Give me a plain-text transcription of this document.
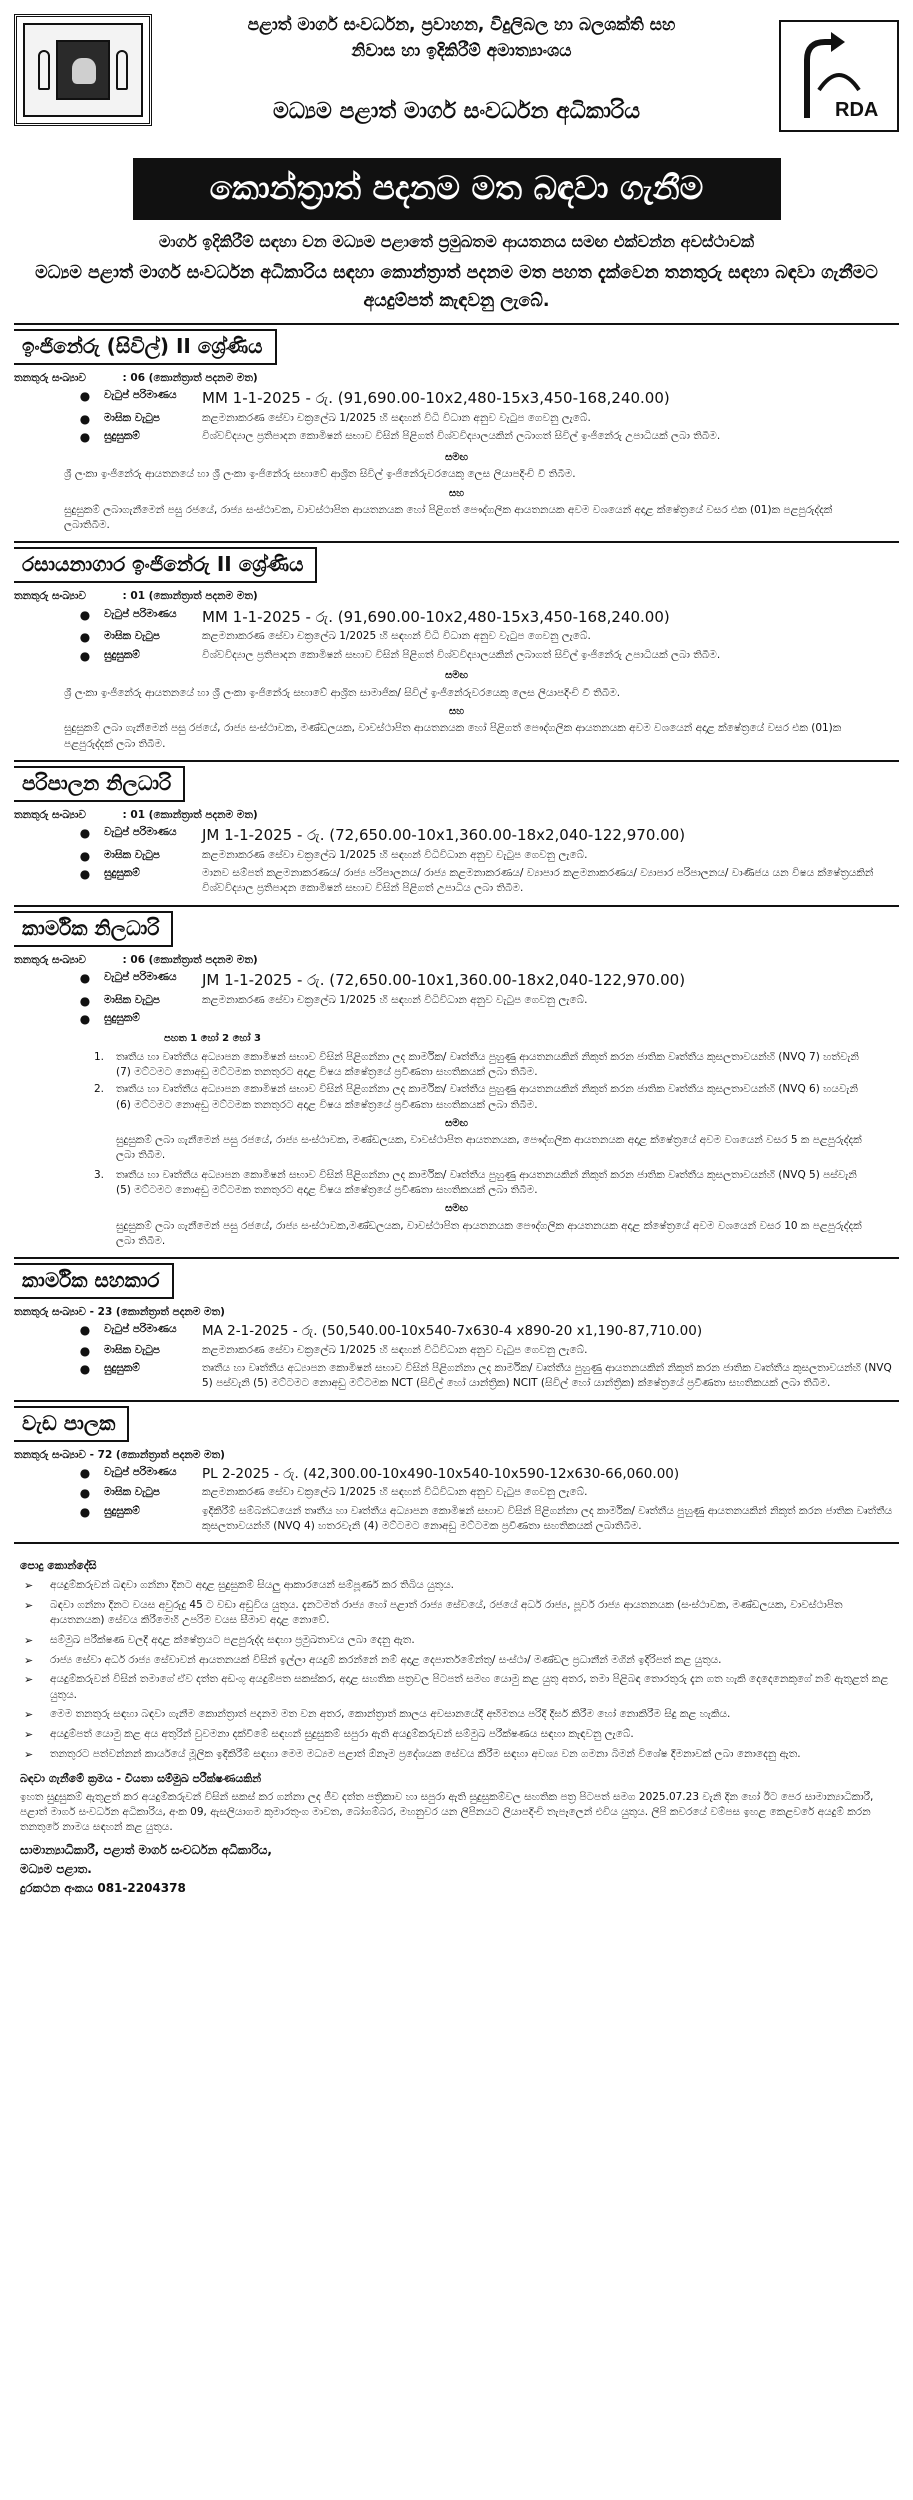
පළාත් මාර්ග සංවර්ධන, ප්‍රවාහන, විදුලිබල හා බලශක්ති සහ
නිවාස හා ඉදිකිරීම් අමාත්‍යාංශය
RDA
මධ්‍යම පළාත් මාර්ග සංවර්ධන අධිකාරිය
කොන්ත්‍රාත් පදනම මත බඳවා ගැනීම
මාර්ග ඉදිකිරීම් සඳහා වන මධ්‍යම පළාතේ ප්‍රමුඛතම ආයතනය සමඟ එක්වන්න අවස්ථාවක්
මධ්‍යම පළාත් මාර්ග සංවර්ධන අධිකාරිය සඳහා කොන්ත්‍රාත් පදනම මත පහත දැක්වෙන තනතුරු සඳහා බඳවා ගැනීමට අයදුම්පත් කැඳවනු ලැබේ.
ඉංජිනේරු (සිවිල්) II ශ්‍රේණිය
තනතුරු සංඛ්‍යාව	: 06 (කොන්ත්‍රාත් පදනම මත)
●	වැටුප් පරිමාණය	MM 1-1-2025 - රු. (91,690.00-10x2,480-15x3,450-168,240.00)
●	මාසික වැටුප	කළමනාකරණ සේවා චක්‍රලේඛ 1/2025 හි සඳහන් විධි විධාන අනුව වැටුප ගෙවනු ලැබේ.
●	සුදුසුකම්	විශ්වවිද්‍යාල ප්‍රතිපාදන කොමිෂන් සභාව විසින් පිළිගත් විශ්වවිද්‍යාලයකින් ලබාගත් සිවිල් ඉංජිනේරු උපාධියක් ලබා තිබීම.
සමඟ
ශ්‍රී ලංකා ඉංජිනේරු ආයතනයේ හා ශ්‍රී ලංකා ඉංජිනේරු සභාවේ ආශ්‍රිත සිවිල් ඉංජිනේරුවරයෙකු ලෙස ලියාපදිංචි වී තිබීම.
සහ
සුදුසුකම් ලබාගැනීමෙන් පසු රජයේ, රාජ්‍ය සංස්ථාවක, වාවස්ථාපිත ආයතනයක හෝ පිළිගත් පෞද්ගලික ආයතනයක අවම වශයෙන් අදාළ ක්ෂේත්‍රයේ වසර එක (01)ක පළපුරුද්දක් ලබාතිබීම.
රසායනාගාර ඉංජිනේරු II ශ්‍රේණිය
තනතුරු සංඛ්‍යාව	: 01 (කොන්ත්‍රාත් පදනම මත)
●	වැටුප් පරිමාණය	MM 1-1-2025 - රු. (91,690.00-10x2,480-15x3,450-168,240.00)
●	මාසික වැටුප	කළමනාකරණ සේවා චක්‍රලේඛ 1/2025 හි සඳහන් විධි විධාන අනුව වැටුප ගෙවනු ලැබේ.
●	සුදුසුකම්	විශ්වවිද්‍යාල ප්‍රතිපාදන කොමිෂන් සභාව විසින් පිළිගත් විශ්වවිද්‍යාලයකින් ලබාගත් සිවිල් ඉංජිනේරු උපාධියක් ලබා තිබීම.
සමඟ
ශ්‍රී ලංකා ඉංජිනේරු ආයතනයේ හා ශ්‍රී ලංකා ඉංජිනේරු සභාවේ ආශ්‍රිත සාමාජික/ සිවිල් ඉංජිනේරුවරයෙකු ලෙස ලියාපදිංචි වී තිබීම.
සහ
සුදුසුකම් ලබා ගැනීමෙන් පසු රජයේ, රාජ්‍ය සංස්ථාවක, මණ්ඩලයක, වාවස්ථාපිත ආයතනයක හෝ පිළිගත් පෞද්ගලික ආයතනයක අවම වශයෙන් අදාළ ක්ෂේත්‍රයේ වසර එක (01)ක පළපුරුද්දක් ලබා තිබීම.
පරිපාලන නිලධාරි
තනතුරු සංඛ්‍යාව	: 01 (කොන්ත්‍රාත් පදනම මත)
●	වැටුප් පරිමාණය	JM 1-1-2025 - රු. (72,650.00-10x1,360.00-18x2,040-122,970.00)
●	මාසික වැටුප	කළමනාකරණ සේවා චක්‍රලේඛ 1/2025 හි සඳහන් විධිවිධාන අනුව වැටුප ගෙවනු ලැබේ.
●	සුදුසුකම්	මානව සම්පත් කළමනාකරණය/ රාජ්‍ය පරිපාලනය/ රාජ්‍ය කළමනාකරණය/ ව්‍යාපාර කළමනාකරණය/ ව්‍යාපාර පරිපාලනය/ වාණිජය යන විෂය ක්ෂේත්‍රයකින් විශ්වවිද්‍යාල ප්‍රතිපාදන කොමිෂන් සභාව විසින් පිළිගත් උපාධිය ලබා තිබීම.
කාර්මික නිලධාරි
තනතුරු සංඛ්‍යාව	: 06 (කොන්ත්‍රාත් පදනම මත)
●	වැටුප් පරිමාණය	JM 1-1-2025 - රු. (72,650.00-10x1,360.00-18x2,040-122,970.00)
●	මාසික වැටුප	කළමනාකරණ සේවා චක්‍රලේඛ 1/2025 හි සඳහන් විධිවිධාන අනුව වැටුප ගෙවනු ලැබේ.
●	සුදුසුකම්
පහත 1 හෝ 2 හෝ 3
1.	තෘතීය හා වෘත්තීය අධ්‍යාපන කොමිෂන් සභාව විසින් පිළිගන්නා ලද කාර්මික/ වෘත්තීය පුහුණු ආයතනයකින් නිකුත් කරන ජාතික වෘත්තීය කුසලතාවයන්හි (NVQ 7) හත්වැනි (7) මට්ටමට නොඅඩු මට්ටමක තනතුරට අදාළ විෂය ක්ෂේත්‍රයේ ප්‍රවීණතා සහතිකයක් ලබා තිබීම.
2.	තෘතීය හා වෘත්තීය අධ්‍යාපන කොමිෂන් සභාව විසින් පිළිගන්නා ලද කාර්මික/ වෘත්තීය පුහුණු ආයතනයකින් නිකුත් කරන ජාතික වෘත්තීය කුසලතාවයන්හි (NVQ 6) හයවැනි (6) මට්ටමට නොඅඩු මට්ටමක තනතුරට අදාළ විෂය ක්ෂේත්‍රයේ ප්‍රවීණතා සහතිකයක් ලබා තිබීම.
සමඟ
සුදුසුකම් ලබා ගැනීමෙන් පසු රජයේ, රාජ්‍ය සංස්ථාවක, මණ්ඩලයක, වාවස්ථාපිත ආයතනයක, පෞද්ගලික ආයතනයක අදාළ ක්ෂේත්‍රයේ අවම වශයෙන් වසර 5 ක පළපුරුද්දක් ලබා තිබීම.
3.	තෘතීය හා වෘත්තීය අධ්‍යාපන කොමිෂන් සභාව විසින් පිළිගන්නා ලද කාර්මික/ වෘත්තීය පුහුණු ආයතනයකින් නිකුත් කරන ජාතික වෘත්තීය කුසලතාවයන්හි (NVQ 5) පස්වැනි (5) මට්ටමට නොඅඩු මට්ටමක තනතුරට අදාළ විෂය ක්ෂේත්‍රයේ ප්‍රවීණතා සහතිකයක් ලබා තිබීම.
සමඟ
සුදුසුකම් ලබා ගැනීමෙන් පසු රජයේ, රාජ්‍ය සංස්ථාවක,මණ්ඩලයක, වාවස්ථාපිත ආයතනයක පෞද්ගලික ආයතනයක අදාළ ක්ෂේත්‍රයේ අවම වශයෙන් වසර 10 ක පළපුරුද්දක් ලබා තිබීම.
කාර්මික සහකාර
තනතුරු සංඛ්‍යාව - 23 (කොන්ත්‍රාත් පදනම මත)
●	වැටුප් පරිමාණය	MA 2-1-2025 - රු. (50,540.00-10x540-7x630-4 x890-20 x1,190-87,710.00)
●	මාසික වැටුප	කළමනාකරණ සේවා චක්‍රලේඛ 1/2025 හි සඳහන් විධිවිධාන අනුව වැටුප ගෙවනු ලැබේ.
●	සුදුසුකම්	තෘතීය හා වෘත්තීය අධ්‍යාපන කොමිෂන් සභාව විසින් පිළිගන්නා ලද කාර්මික/ වෘත්තීය පුහුණු ආයතනයකින් නිකුත් කරන ජාතික වෘත්තීය කුසලතාවයන්හි (NVQ 5) පස්වැනි (5) මට්ටමට නොඅඩු මට්ටමක NCT (සිවිල් හෝ යාන්ත්‍රික) NCIT (සිවිල් හෝ යාන්ත්‍රික) ක්ෂේත්‍රයේ ප්‍රවීණතා සහතිකයක් ලබා තිබීම.
වැඩ පාලක
තනතුරු සංඛ්‍යාව - 72 (කොන්ත්‍රාත් පදනම මත)
●	වැටුප් පරිමාණය	PL 2-2025 - රු. (42,300.00-10x490-10x540-10x590-12x630-66,060.00)
●	මාසික වැටුප	කළමනාකරණ සේවා චක්‍රලේඛ 1/2025 හි සඳහන් විධිවිධාන අනුව වැටුප ගෙවනු ලැබේ.
●	සුදුසුකම්	ඉදිකිරීම් සම්බන්ධයෙන් තෘතීය හා වෘත්තීය අධ්‍යාපන කොමිෂන් සභාව විසින් පිළිගන්නා ලද කාර්මික/ වෘත්තීය පුහුණු ආයතනයකින් නිකුත් කරන ජාතික වෘත්තීය කුසලතාවයන්හි (NVQ 4) හතරවැනි (4) මට්ටමට නොඅඩු මට්ටමක ප්‍රවීණතා සහතිකයක් ලබාතිබීම.
පොදු කොන්දේසි
➢	අයදුම්කරුවන් බඳවා ගන්නා දිනට අදාළ සුදුසුකම් සියලු ආකාරයෙන් සම්පූර්ණ කර තිබිය යුතුය.
➢	බඳවා ගන්නා දිනට වයස අවුරුදු 45 ට වඩා අඩුවිය යුතුය. දැනටමත් රාජ්‍ය හෝ පළාත් රාජ්‍ය සේවයේ, රජයේ අර්ධ රාජ්‍ය, පූර්ව රාජ්‍ය ආයතනයක (සංස්ථාවක, මණ්ඩලයක, වාවස්ථාපිත ආයතනයක) සේවය කිරීමෙහි උපරිම වයස සීමාව අදාළ නොවේ.
➢	සම්මුඛ පරීක්ෂණ වලදී අදාළ ක්ෂේත්‍රයට පළපුරුද්ද සඳහා ප්‍රමුඛතාවය ලබා දෙනු ඇත.
➢	රාජ්‍ය සේවා අර්ධ රාජ්‍ය සේවාවන් ආයතනයක් විසින් ඉල්ලා අයදුම් කරන්නේ නම් අදාළ දෙපාර්තමේන්තු/ සංස්ථා/ මණ්ඩල ප්‍රධානීන් මගින් ඉදිරිපත් කළ යුතුය.
➢	අයදුම්කරුවන් විසින් තමාගේ ඒව දත්ත අඩංගු අයදුම්පත සකස්කර, අදාළ සහතික පත්‍රවල පිටපත් සමඟ යොමු කළ යුතු අතර, තමා පිළිබඳ තොරතුරු දැන ගත හැකි දෙදෙනෙකුගේ නම් ඇතුළත් කළ යුතුය.
➢	මෙම තනතුරු සඳහා බඳවා ගැනීම කොන්ත්‍රාත් පදනම මත වන අතර, කොන්ත්‍රාත් කාලය අවසානයේදී අභිමතය පරිදි දීර්ඝ කිරීම හෝ නොකිරීම සිදු කළ හැකිය.
➢	අයදුම්පත් යොමු කළ අය අතුරින් වුවමනා දක්වීමේ සඳහන් සුදුසුකම් සපුරා ඇති අයදුම්කරුවන් සම්මුඛ පරීක්ෂණය සඳහා කැඳවනු ලැබේ.
➢	තනතුරට පත්වන්නන් කාර්යයේ මූලික ඉදිකිරීම් සඳහා මෙම මධ්‍යම පළාත් ඕනෑම ප්‍රදේශයක සේවය කිරීම සඳහා අවශ්‍ය වන ගමනා බිමන් විශේෂ දීමනාවක් ලබා නොදෙනු ඇත.
බඳවා ගැනීමේ ක්‍රමය - වියතා සම්මුඛ පරීක්ෂණයකින්
ඉහත සුදුසුකම් ඇතුළත් කර අයදුම්කරුවන් විසින් සකස් කර ගන්නා ලද ජීව දත්ත පත්‍රිකාව හා සපුරා ඇති සුදුසුකම්වල සහතික පත්‍ර පිටපත් සමග 2025.07.23 වැනි දින හෝ ඊට පෙර සාමාන්‍යාධිකාරී, පළාත් මාර්ග සංවර්ධන අධිකාරිය, අංක 09, ඇසලියාගම කුමාරතුංග මාවත, බෝගම්බර, මහනුවර යන ලිපිනයට ලියාපදිංචි තැපෑලෙන් එවිය යුතුය. ලිපි කවරයේ වම්පස ඉහළ කෙළවරේ අයදුම් කරන තනතුරේ නාමය සඳහන් කළ යුතුය.
සාමාන්‍යාධිකාරී, පළාත් මාර්ග සංවර්ධන අධිකාරිය,
මධ්‍යම පළාත.
දුරකථන අංකය 081-2204378
